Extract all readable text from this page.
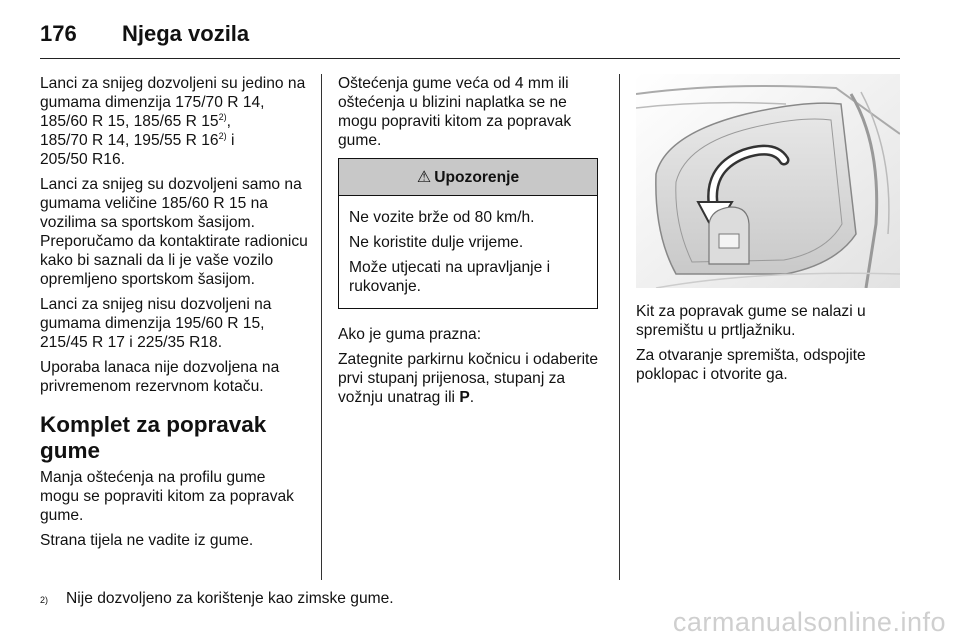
176	Njega vozila

Lanci za snijeg dozvoljeni su jedino na gumama dimenzija 175/70 R 14, 185/60 R 15, 185/65 R 15$^{2)}$,
185/70 R 14, 195/55 R 16$^{2)}$ i
205/50 R16.

Lanci za snijeg su dozvoljeni samo na gumama veličine 185/60 R 15 na vozilima sa sportskom šasijom. Preporučamo da kontaktirate radionicu kako bi saznali da li je vaše vozilo opremljeno sportskom šasijom.

Lanci za snijeg nisu dozvoljeni na gumama dimenzija 195/60 R 15, 215/45 R 17 i 225/35 R18.

Uporaba lanaca nije dozvoljena na privremenom rezervnom kotaču.

Komplet za popravak gume

Manja oštećenja na profilu gume mogu se popraviti kitom za popravak gume.

Strana tijela ne vadite iz gume.

Oštećenja gume veća od 4 mm ili oštećenja u blizini naplatka se ne mogu popraviti kitom za popravak gume.

⚠ Upozorenje

Ne vozite brže od 80 km/h.

Ne koristite dulje vrijeme.

Može utjecati na upravljanje i rukovanje.

Ako je guma prazna:

Zategnite parkirnu kočnicu i odaberite prvi stupanj prijenosa, stupanj za vožnju unatrag ili P.

Kit za popravak gume se nalazi u spremištu u prtljažniku.

Za otvaranje spremišta, odspojite poklopac i otvorite ga.

2)	Nije dozvoljeno za korištenje kao zimske gume.
carmanualsonline.info
